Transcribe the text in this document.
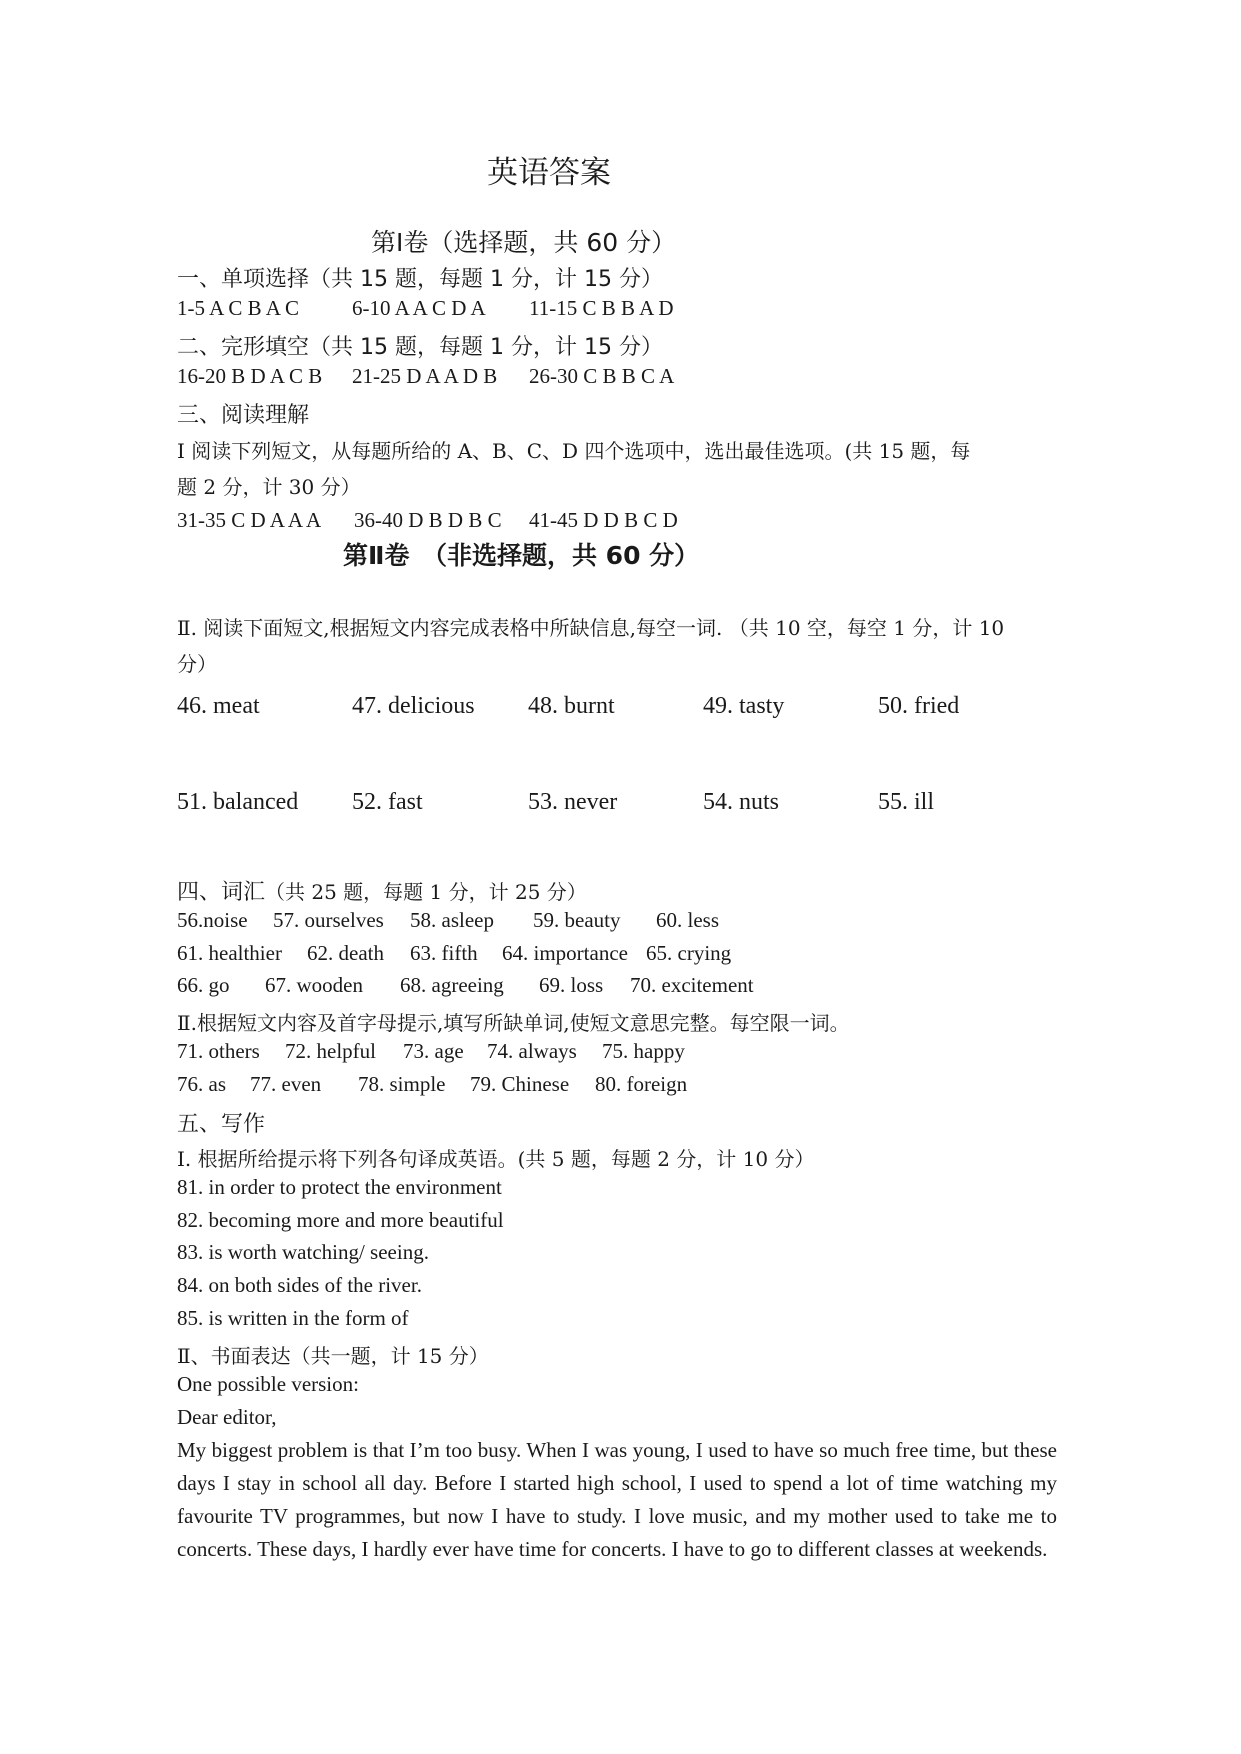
英语答案
第Ⅰ卷（选择题，共 60 分）
一、单项选择（共 15 题，每题 1 分，计 15 分）
1-5 A C B A C	6-10 A A C D A 11-15 C B B A D
二、完形填空（共 15 题，每题 1 分，计 15 分）
16-20 B D A C B 21-25 D A A D B 26-30 C B B C A
三、阅读理解
Ⅰ 阅读下列短文，从每题所给的 A、B、C、D 四个选项中，选出最佳选项。(共 15 题，每
题 2 分，计 30 分）
31-35 C D A A A 36-40 D B D B C 41-45 D D B C D
第Ⅱ卷　（非选择题，共 60 分）
Ⅱ. 阅读下面短文,根据短文内容完成表格中所缺信息,每空一词. （共 10 空，每空 1 分，计 10
分）
46. meat	47. delicious 48. burnt	49. tasty	50. fried
51. balanced 52. fast	53. never	54. nuts	55. ill
四、词汇（共 25 题，每题 1 分，计 25 分）
56.noise 57. ourselves 58. asleep 59. beauty 60. less
61. healthier 62. death 63. fifth 64. importance 65. crying
66. go 67. wooden 68. agreeing 69. loss 70. excitement
Ⅱ.根据短文内容及首字母提示,填写所缺单词,使短文意思完整。每空限一词。
71. others 72. helpful 73. age 74. always 75. happy
76. as 77. even 78. simple 79. Chinese 80. foreign
五、写作
Ⅰ. 根据所给提示将下列各句译成英语。(共 5 题，每题 2 分，计 10 分）
81. in order to protect the environment
82. becoming more and more beautiful
83. is worth watching/ seeing.
84. on both sides of the river.
85. is written in the form of
Ⅱ、书面表达（共一题，计 15 分）
One possible version:
Dear editor,
My biggest problem is that I’m too busy. When I was young, I used to have so much free time, but these days I stay in school all day. Before I started high school, I used to spend a lot of time watching my favourite TV programmes, but now I have to study. I love music, and my mother used to take me to concerts. These days, I hardly ever have time for concerts. I have to go to different classes at weekends.
